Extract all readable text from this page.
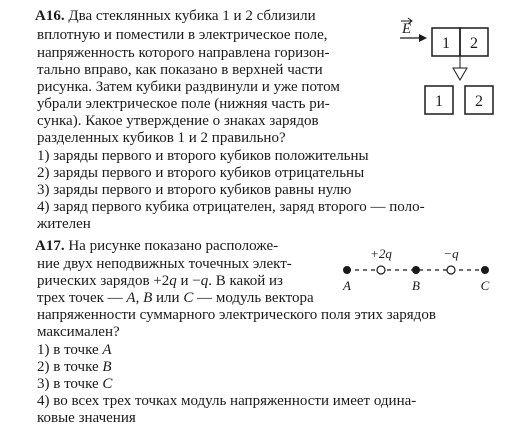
A16. Два стеклянных кубика 1 и 2 сблизили
вплотную и поместили в электрическое поле,
напряженность которого направлена горизон-
тально вправо, как показано в верхней части
рисунка. Затем кубики раздвинули и уже потом
убрали электрическое поле (нижняя часть ри-
сунка). Какое утверждение о знаках зарядов
разделенных кубиков 1 и 2 правильно?
1) заряды первого и второго кубиков положительны
2) заряды первого и второго кубиков отрицательны
3) заряды первого и второго кубиков равны нулю
4) заряд первого кубика отрицателен, заряд второго — поло-
жителен
A17. На рисунке показано расположе-
ние двух неподвижных точечных элект-
рических зарядов +2q и −q. В какой из
трех точек — A, B или C — модуль вектора
напряженности суммарного электрического поля этих зарядов
максимален?
1) в точке A
2) в точке B
3) в точке C
4) во всех трех точках модуль напряженности имеет одина-
ковые значения
E
1 2
1 2
+2q	−q
A	B	C
